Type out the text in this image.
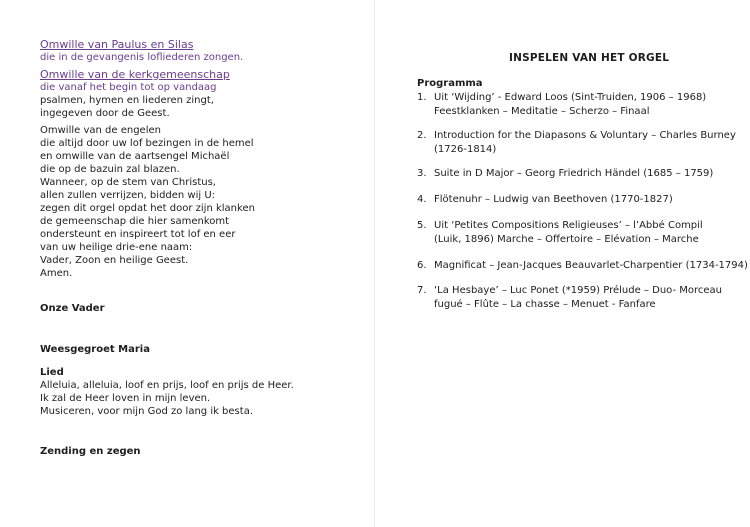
Omwille van Paulus en Silas
die in de gevangenis lofliederen zongen.
Omwille van de kerkgemeenschap
die vanaf het begin tot op vandaag
psalmen, hymen en liederen zingt,
ingegeven door de Geest.
Omwille van de engelen
die altijd door uw lof bezingen in de hemel
en omwille van de aartsengel Michaël
die op de bazuin zal blazen.
Wanneer, op de stem van Christus,
allen zullen verrijzen, bidden wij U:
zegen dit orgel opdat het door zijn klanken
de gemeenschap die hier samenkomt
ondersteunt en inspireert tot lof en eer
van uw heilige drie-ene naam:
Vader, Zoon en heilige Geest.
Amen.
Onze Vader
Weesgegroet Maria
Lied
Alleluia, alleluia, loof en prijs, loof en prijs de Heer.
Ik zal de Heer loven in mijn leven.
Musiceren, voor mijn God zo lang ik besta.
Zending en zegen
INSPELEN VAN HET ORGEL
Programma
1. Uit ‘Wijding’ - Edward Loos (Sint-Truiden, 1906 – 1968)
Feestklanken – Meditatie – Scherzo – Finaal
2. Introduction for the Diapasons & Voluntary – Charles Burney
(1726-1814)
3. Suite in D Major – Georg Friedrich Händel (1685 – 1759)
4. Flötenuhr – Ludwig van Beethoven (1770-1827)
5. Uit ‘Petites Compositions Religieuses’ – l’Abbé Compil
(Luik, 1896) Marche – Offertoire – Elévation – Marche
6. Magnificat – Jean-Jacques Beauvarlet-Charpentier (1734-1794)
7. ‘La Hesbaye’ – Luc Ponet (*1959) Prélude – Duo- Morceau
fugué – Flûte – La chasse – Menuet - Fanfare
